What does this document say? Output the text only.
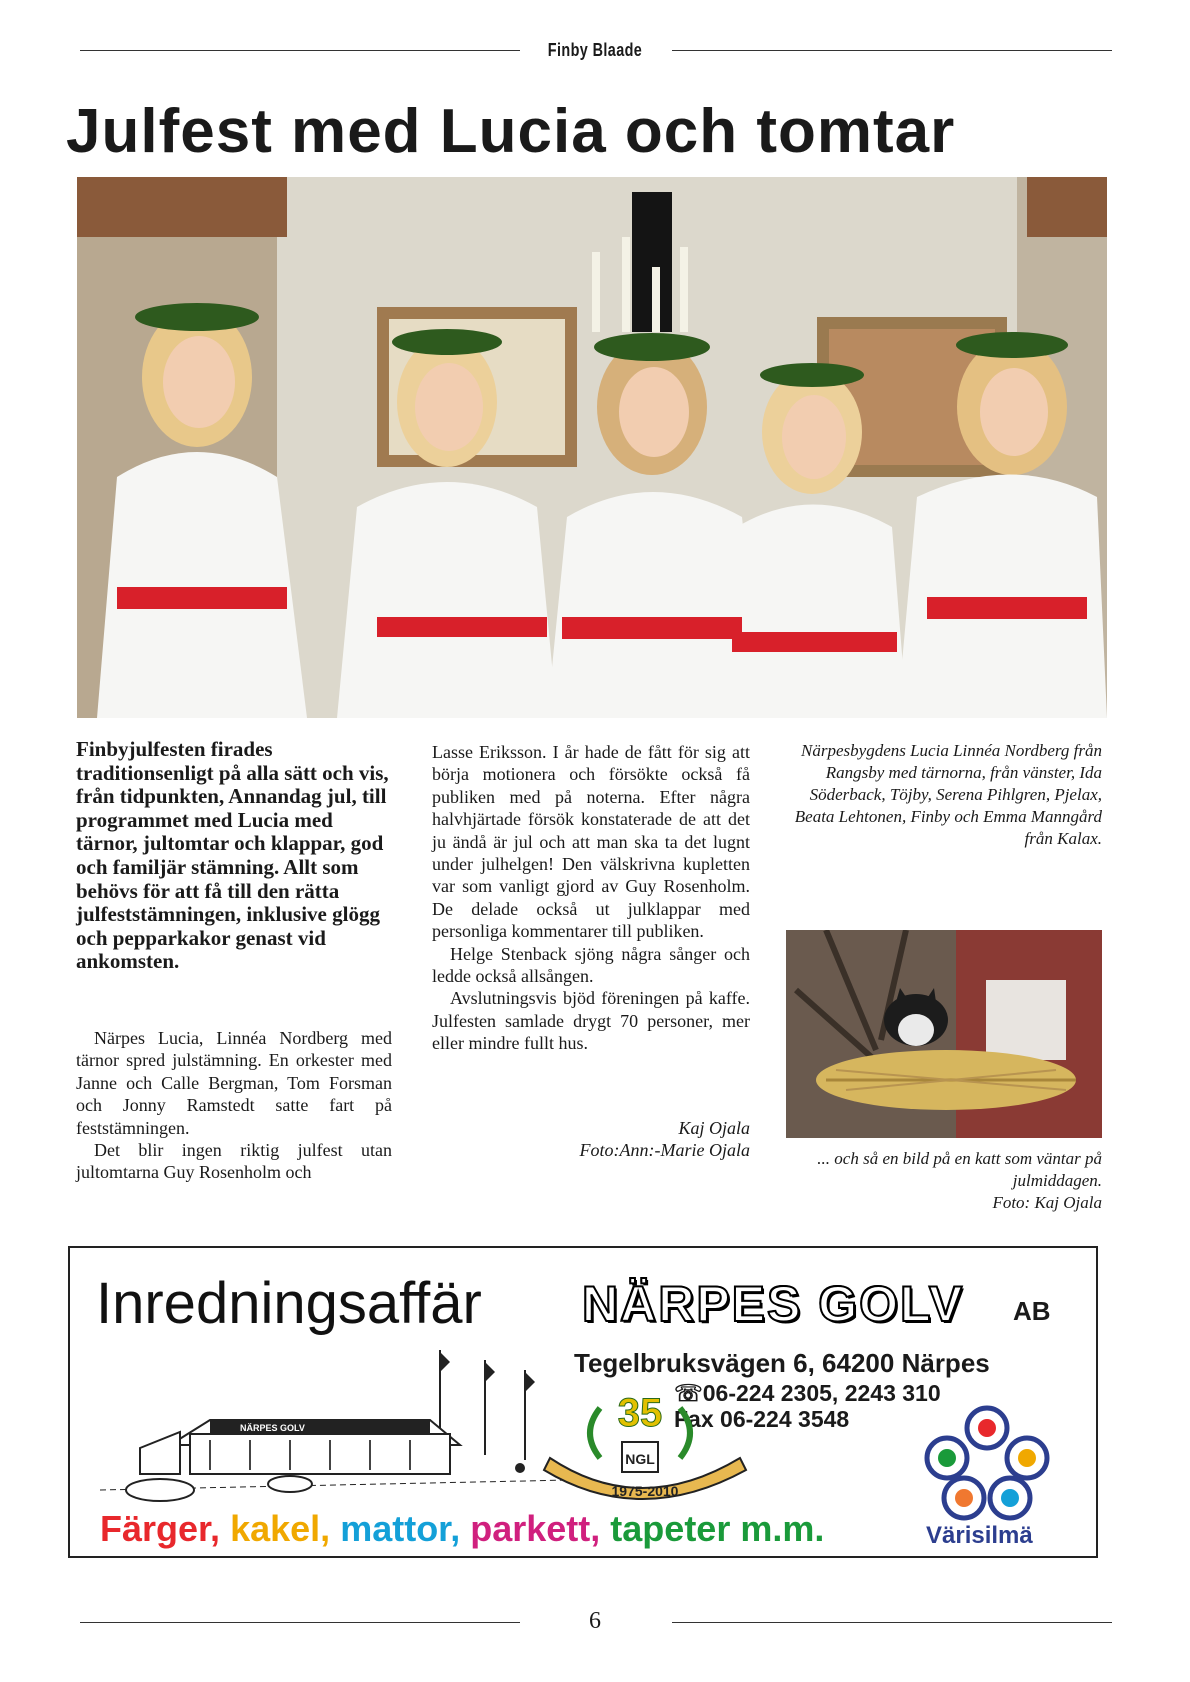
Finby Blaade
Julfest med Lucia och tomtar
Finbyjulfesten firades traditionsenligt på alla sätt och vis, från tidpunkten, Annandag jul, till programmet med Lucia med tärnor, jultomtar och klappar, god och familjär stämning. Allt som behövs för att få till den rätta julfeststämningen, inklusive glögg och pepparkakor genast vid ankomsten.

Närpes Lucia, Linnéa Nordberg med tärnor spred julstämning. En orkester med Janne och Calle Bergman, Tom Forsman och Jonny Ramstedt satte fart på feststämningen.

Det blir ingen riktig julfest utan jultomtarna Guy Rosenholm och

Lasse Eriksson. I år hade de fått för sig att börja motionera och försökte också få publiken med på noterna. Efter några halvhjärtade försök konstaterade de att det ju ändå är jul och att man ska ta det lugnt under julhelgen! Den välskrivna kupletten var som vanligt gjord av Guy Rosenholm. De delade också ut julklappar med personliga kommentarer till publiken.

Helge Stenback sjöng några sånger och ledde också allsången.

Avslutningsvis bjöd föreningen på kaffe. Julfesten samlade drygt 70 personer, mer eller mindre fullt hus.

Kaj Ojala
Foto:Ann:-Marie Ojala
Närpesbygdens Lucia Linnéa Nordberg från Rangsby med tärnorna, från vänster, Ida Söderback, Töjby, Serena Pihlgren, Pjelax, Beata Lehtonen, Finby och Emma Manngård från Kalax.
... och så en bild på en katt som väntar på julmiddagen.
Foto: Kaj Ojala
Inredningsaffär NÄRPES GOLV AB
Tegelbruksvägen 6, 64200 Närpes
☏06-224 2305, 2243 310
Fax 06-224 3548
NÄRPES GOLV	35
NGL
1975-2010
Färger, kakel, mattor, parkett, tapeter m.m.	Värisilmä
6
